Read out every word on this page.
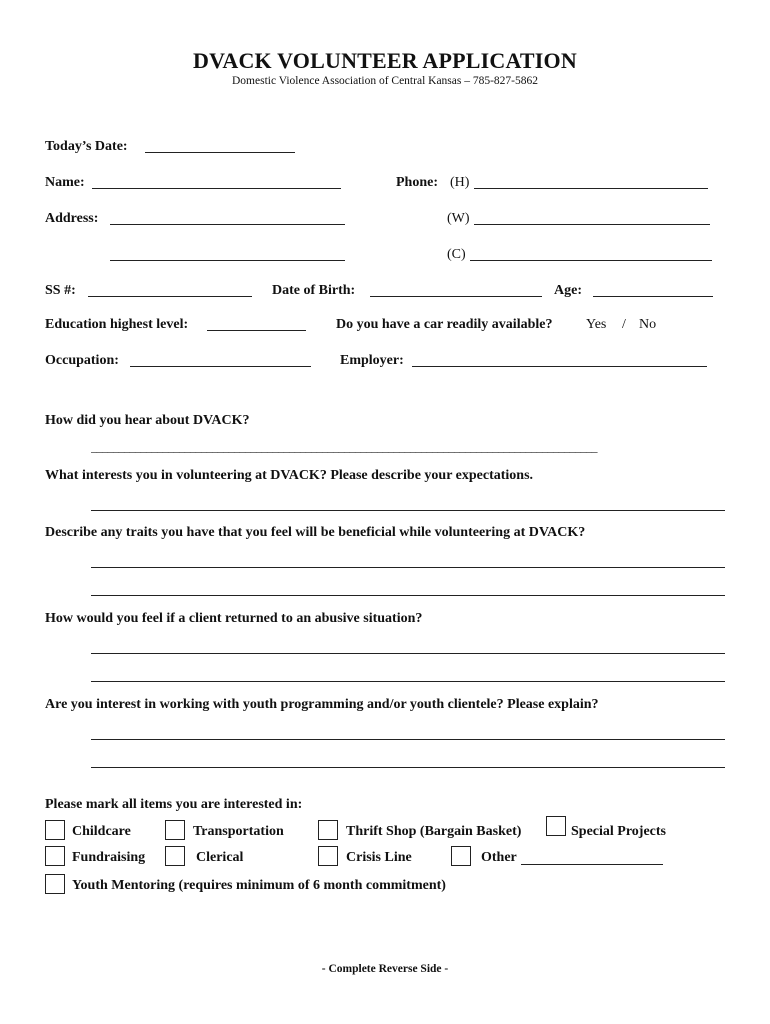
DVACK VOLUNTEER APPLICATION
Domestic Violence Association of Central Kansas – 785-827-5862
Today’s Date:
Name:	Phone: (H)
Address:	(W)
(C)
SS #:	Date of Birth:	Age:
Education highest level:	Do you have a car readily available? Yes / No
Occupation:	Employer:
How did you hear about DVACK?
____________________________________________________________________________________________
What interests you in volunteering at DVACK? Please describe your expectations.
Describe any traits you have that you feel will be beneficial while volunteering at DVACK?
How would you feel if a client returned to an abusive situation?
Are you interest in working with youth programming and/or youth clientele? Please explain?
Please mark all items you are interested in:
Childcare	Transportation	Thrift Shop (Bargain Basket)	Special Projects
Fundraising	Clerical	Crisis Line	Other
Youth Mentoring (requires minimum of 6 month commitment)
- Complete Reverse Side -
